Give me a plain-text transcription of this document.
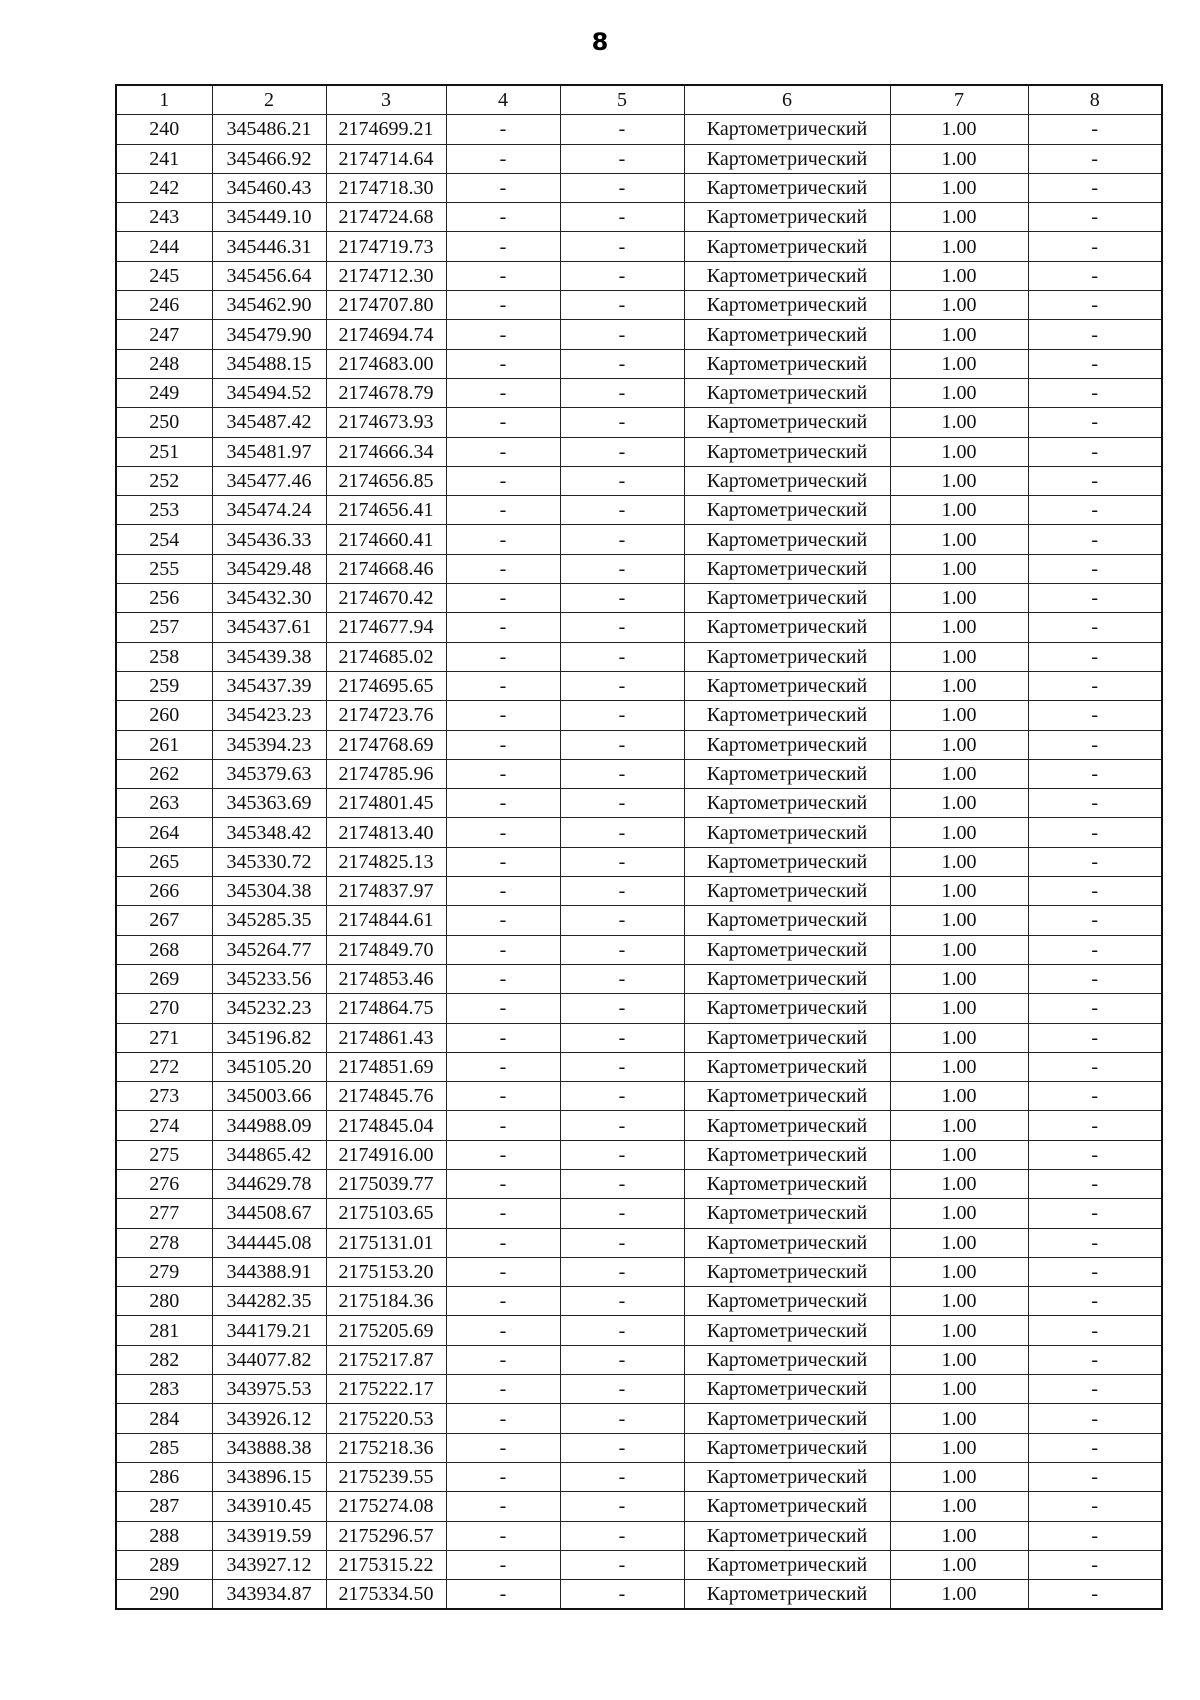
8
1	2	3	4	5	6	7	8
240	345486.21	2174699.21	-	-	Картометрический	1.00	-
241	345466.92	2174714.64	-	-	Картометрический	1.00	-
242	345460.43	2174718.30	-	-	Картометрический	1.00	-
243	345449.10	2174724.68	-	-	Картометрический	1.00	-
244	345446.31	2174719.73	-	-	Картометрический	1.00	-
245	345456.64	2174712.30	-	-	Картометрический	1.00	-
246	345462.90	2174707.80	-	-	Картометрический	1.00	-
247	345479.90	2174694.74	-	-	Картометрический	1.00	-
248	345488.15	2174683.00	-	-	Картометрический	1.00	-
249	345494.52	2174678.79	-	-	Картометрический	1.00	-
250	345487.42	2174673.93	-	-	Картометрический	1.00	-
251	345481.97	2174666.34	-	-	Картометрический	1.00	-
252	345477.46	2174656.85	-	-	Картометрический	1.00	-
253	345474.24	2174656.41	-	-	Картометрический	1.00	-
254	345436.33	2174660.41	-	-	Картометрический	1.00	-
255	345429.48	2174668.46	-	-	Картометрический	1.00	-
256	345432.30	2174670.42	-	-	Картометрический	1.00	-
257	345437.61	2174677.94	-	-	Картометрический	1.00	-
258	345439.38	2174685.02	-	-	Картометрический	1.00	-
259	345437.39	2174695.65	-	-	Картометрический	1.00	-
260	345423.23	2174723.76	-	-	Картометрический	1.00	-
261	345394.23	2174768.69	-	-	Картометрический	1.00	-
262	345379.63	2174785.96	-	-	Картометрический	1.00	-
263	345363.69	2174801.45	-	-	Картометрический	1.00	-
264	345348.42	2174813.40	-	-	Картометрический	1.00	-
265	345330.72	2174825.13	-	-	Картометрический	1.00	-
266	345304.38	2174837.97	-	-	Картометрический	1.00	-
267	345285.35	2174844.61	-	-	Картометрический	1.00	-
268	345264.77	2174849.70	-	-	Картометрический	1.00	-
269	345233.56	2174853.46	-	-	Картометрический	1.00	-
270	345232.23	2174864.75	-	-	Картометрический	1.00	-
271	345196.82	2174861.43	-	-	Картометрический	1.00	-
272	345105.20	2174851.69	-	-	Картометрический	1.00	-
273	345003.66	2174845.76	-	-	Картометрический	1.00	-
274	344988.09	2174845.04	-	-	Картометрический	1.00	-
275	344865.42	2174916.00	-	-	Картометрический	1.00	-
276	344629.78	2175039.77	-	-	Картометрический	1.00	-
277	344508.67	2175103.65	-	-	Картометрический	1.00	-
278	344445.08	2175131.01	-	-	Картометрический	1.00	-
279	344388.91	2175153.20	-	-	Картометрический	1.00	-
280	344282.35	2175184.36	-	-	Картометрический	1.00	-
281	344179.21	2175205.69	-	-	Картометрический	1.00	-
282	344077.82	2175217.87	-	-	Картометрический	1.00	-
283	343975.53	2175222.17	-	-	Картометрический	1.00	-
284	343926.12	2175220.53	-	-	Картометрический	1.00	-
285	343888.38	2175218.36	-	-	Картометрический	1.00	-
286	343896.15	2175239.55	-	-	Картометрический	1.00	-
287	343910.45	2175274.08	-	-	Картометрический	1.00	-
288	343919.59	2175296.57	-	-	Картометрический	1.00	-
289	343927.12	2175315.22	-	-	Картометрический	1.00	-
290	343934.87	2175334.50	-	-	Картометрический	1.00	-
